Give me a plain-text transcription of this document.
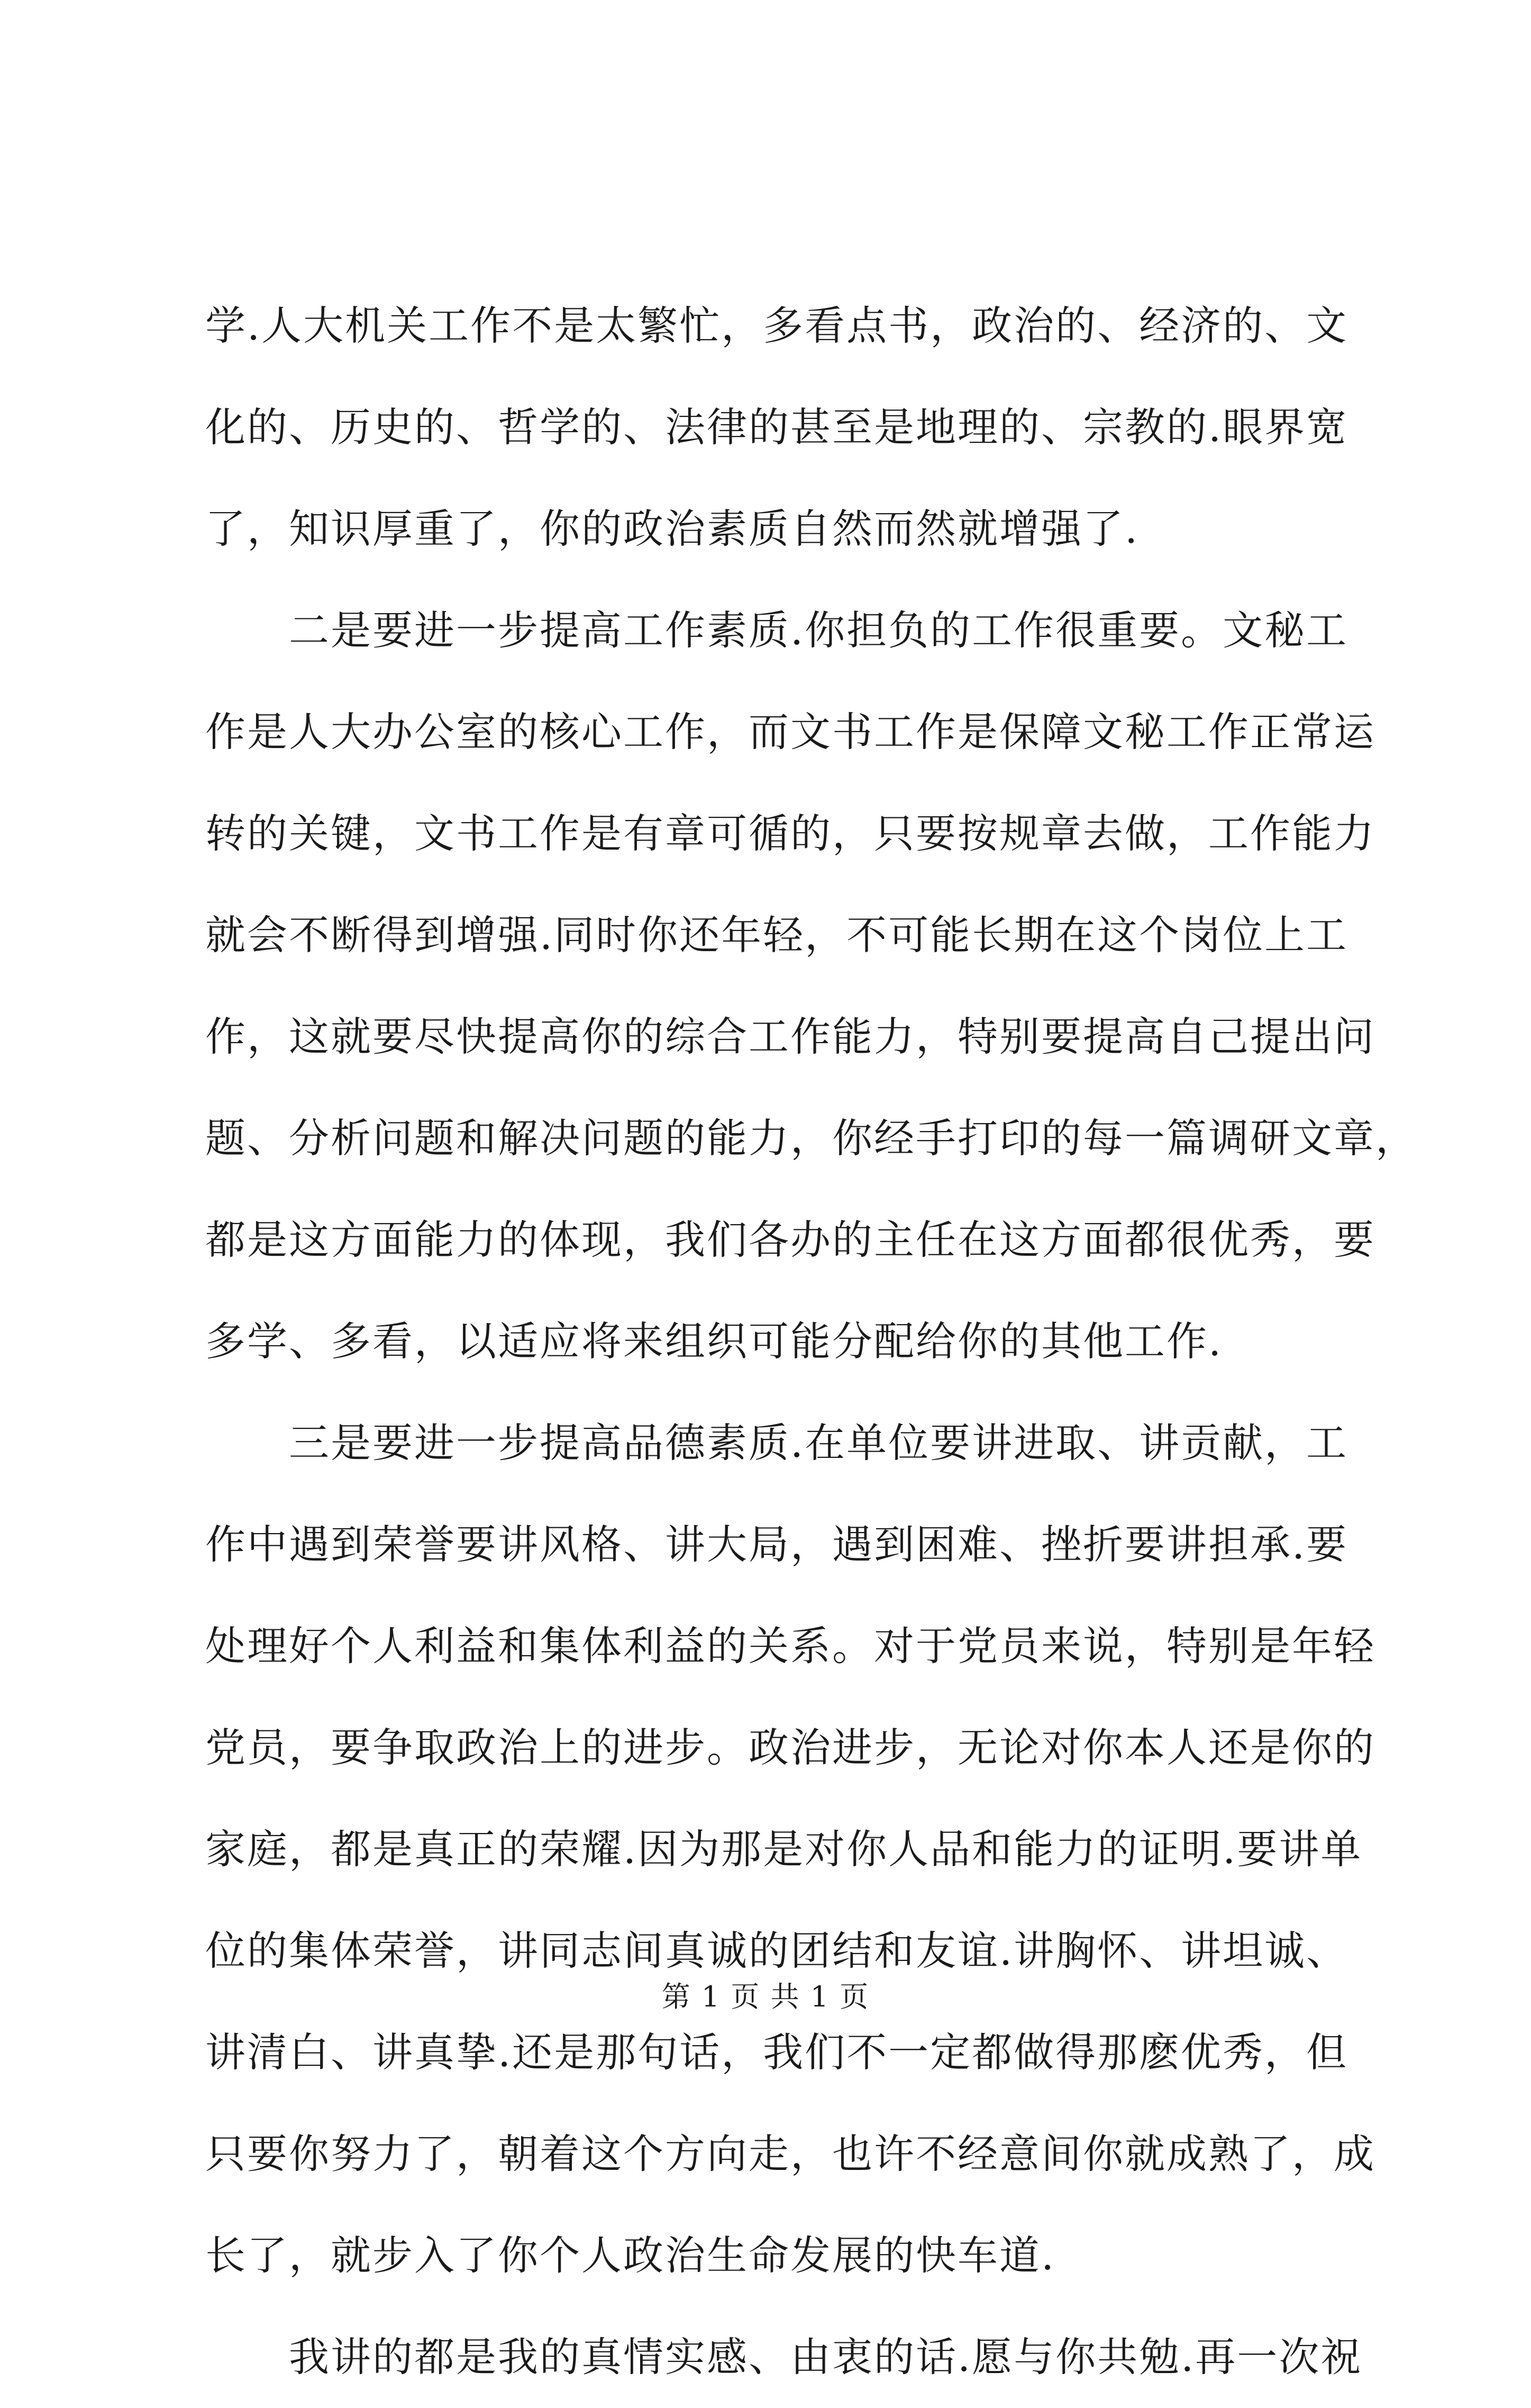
学.人大机关工作不是太繁忙，多看点书，政治的、经济的、文
化的、历史的、哲学的、法律的甚至是地理的、宗教的.眼界宽
了，知识厚重了，你的政治素质自然而然就增强了.
　　二是要进一步提高工作素质.你担负的工作很重要。文秘工
作是人大办公室的核心工作，而文书工作是保障文秘工作正常运
转的关键，文书工作是有章可循的，只要按规章去做，工作能力
就会不断得到增强.同时你还年轻，不可能长期在这个岗位上工
作，这就要尽快提高你的综合工作能力，特别要提高自己提出问
题、分析问题和解决问题的能力，你经手打印的每一篇调研文章，
都是这方面能力的体现，我们各办的主任在这方面都很优秀，要
多学、多看，以适应将来组织可能分配给你的其他工作.
　　三是要进一步提高品德素质.在单位要讲进取、讲贡献，工
作中遇到荣誉要讲风格、讲大局，遇到困难、挫折要讲担承.要
处理好个人利益和集体利益的关系。对于党员来说，特别是年轻
党员，要争取政治上的进步。政治进步，无论对你本人还是你的
家庭，都是真正的荣耀.因为那是对你人品和能力的证明.要讲单
位的集体荣誉，讲同志间真诚的团结和友谊.讲胸怀、讲坦诚、
讲清白、讲真挚.还是那句话，我们不一定都做得那麽优秀，但
只要你努力了，朝着这个方向走，也许不经意间你就成熟了，成
长了，就步入了你个人政治生命发展的快车道.
　　我讲的都是我的真情实感、由衷的话.愿与你共勉.再一次祝
第 1 页 共 1 页
